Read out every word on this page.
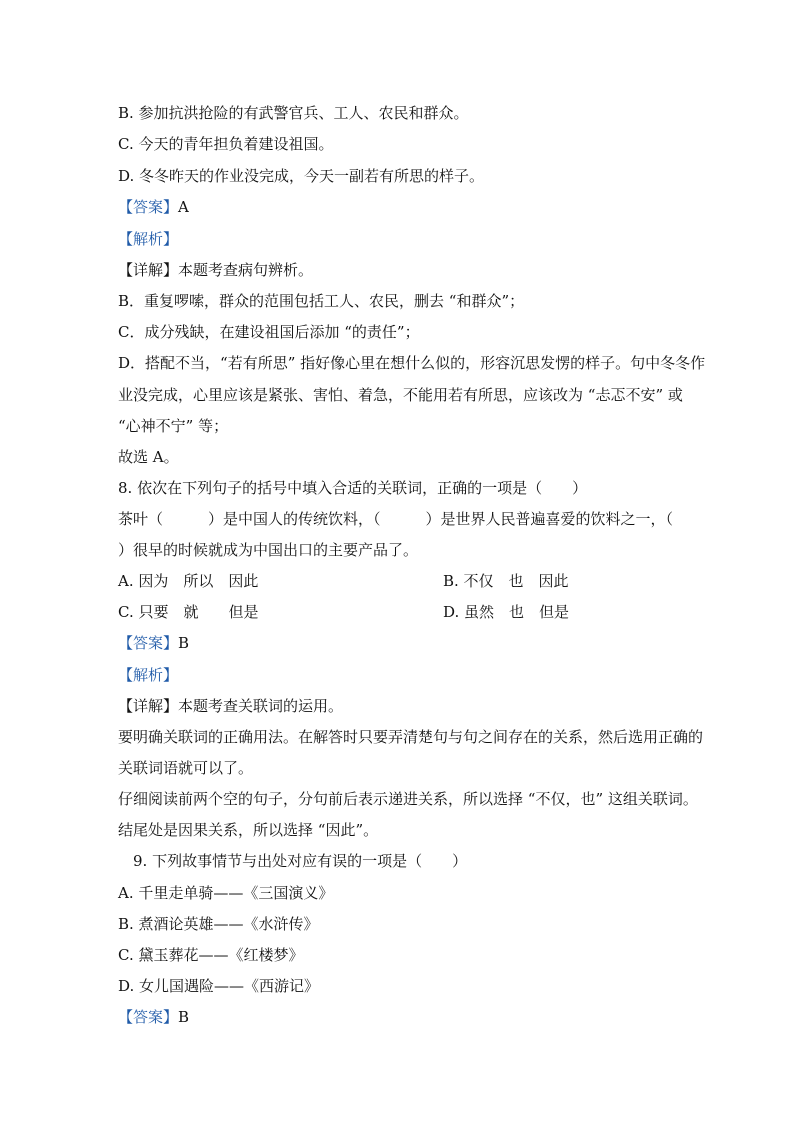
B. 参加抗洪抢险的有武警官兵、工人、农民和群众。
C. 今天的青年担负着建设祖国。
D. 冬冬昨天的作业没完成，今天一副若有所思的样子。
【答案】A
【解析】
【详解】本题考查病句辨析。
B．重复啰嗦，群众的范围包括工人、农民，删去 “和群众”；
C．成分残缺，在建设祖国后添加 “的责任”；
D．搭配不当，“若有所思” 指好像心里在想什么似的，形容沉思发愣的样子。句中冬冬作
业没完成，心里应该是紧张、害怕、着急，不能用若有所思，应该改为 “忐忑不安” 或
“心神不宁” 等；
故选 A。
8. 依次在下列句子的括号中填入合适的关联词，正确的一项是（　　）
茶叶（　　　）是中国人的传统饮料，（　　　）是世界人民普遍喜爱的饮料之一，（
）很早的时候就成为中国出口的主要产品了。
A. 因为　所以　因此	B. 不仅　也　因此
C. 只要　就　　但是	D. 虽然　也　但是
【答案】B
【解析】
【详解】本题考查关联词的运用。
要明确关联词的正确用法。在解答时只要弄清楚句与句之间存在的关系，然后选用正确的
关联词语就可以了。
仔细阅读前两个空的句子，分句前后表示递进关系，所以选择 “不仅，也” 这组关联词。
结尾处是因果关系，所以选择 “因此”。
　9. 下列故事情节与出处对应有误的一项是（　　）
A. 千里走单骑——《三国演义》
B. 煮酒论英雄——《水浒传》
C. 黛玉葬花——《红楼梦》
D. 女儿国遇险——《西游记》
【答案】B
